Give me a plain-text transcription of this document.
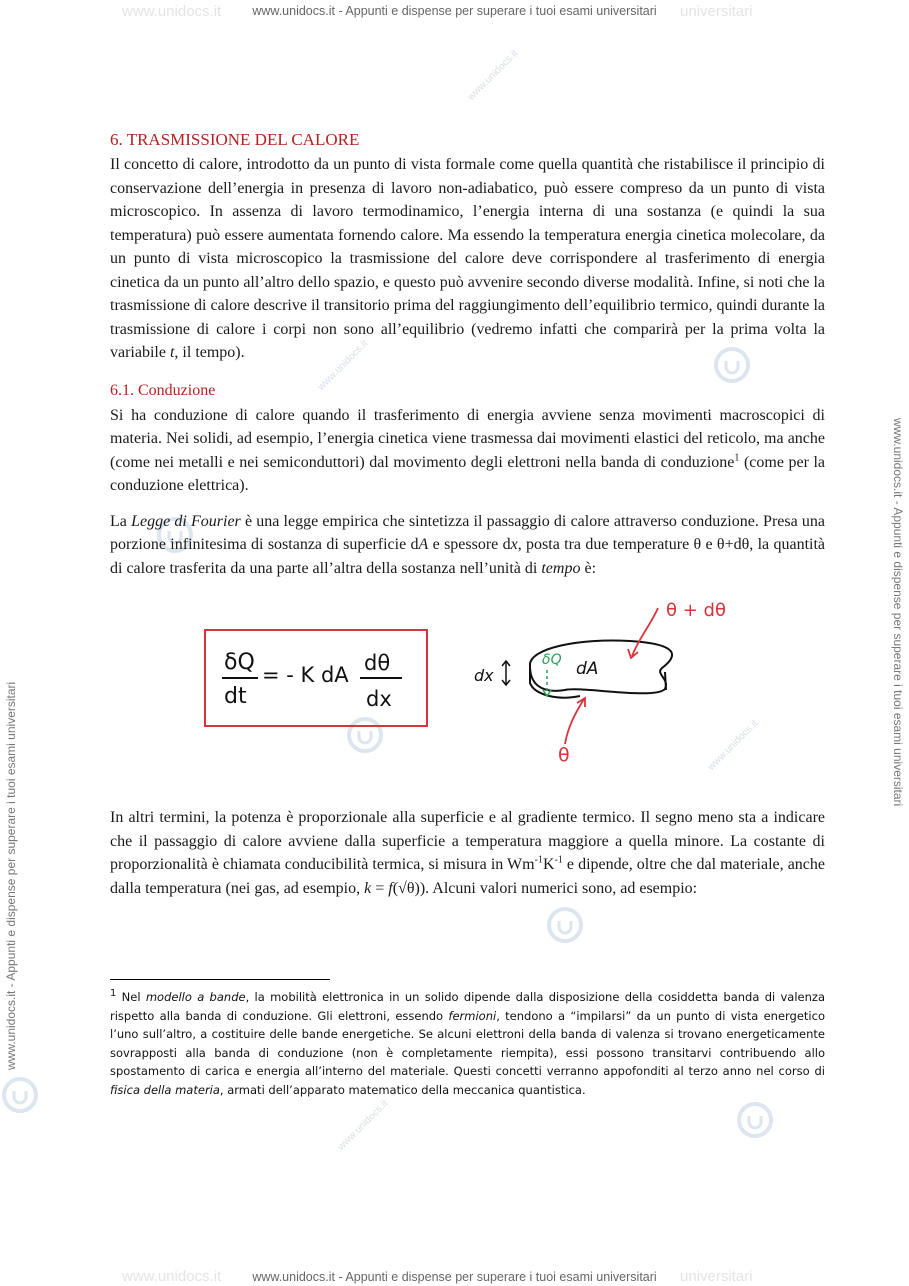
www.unidocs.it	universitari
www.unidocs.it - Appunti e dispense per superare i tuoi esami universitari
www.unidocs.it	universitari
www.unidocs.it - Appunti e dispense per superare i tuoi esami universitari
www.unidocs.it - Appunti e dispense per superare i tuoi esami universitari
www.unidocs.it - Appunti e dispense per superare i tuoi esami universitari
www.unidocs.it
www.unidocs.it
www.unidocs.it
www.unidocs.it
6. TRASMISSIONE DEL CALORE

Il concetto di calore, introdotto da un punto di vista formale come quella quantità che ristabilisce il principio di conservazione dell’energia in presenza di lavoro non-adiabatico, può essere compreso da un punto di vista microscopico. In assenza di lavoro termodinamico, l’energia interna di una sostanza (e quindi la sua temperatura) può essere aumentata fornendo calore. Ma essendo la temperatura energia cinetica molecolare, da un punto di vista microscopico la trasmissione del calore deve corrispondere al trasferimento di energia cinetica da un punto all’altro dello spazio, e questo può avvenire secondo diverse modalità. Infine, si noti che la trasmissione di calore descrive il transitorio prima del raggiungimento dell’equilibrio termico, quindi durante la trasmissione di calore i corpi non sono all’equilibrio (vedremo infatti che comparirà per la prima volta la variabile t, il tempo).

6.1. Conduzione

Si ha conduzione di calore quando il trasferimento di energia avviene senza movimenti macroscopici di materia. Nei solidi, ad esempio, l’energia cinetica viene trasmessa dai movimenti elastici del reticolo, ma anche (come nei metalli e nei semiconduttori) dal movimento degli elettroni nella banda di conduzione$^1$ (come per la conduzione elettrica).

La Legge di Fourier è una legge empirica che sintetizza il passaggio di calore attraverso conduzione. Presa una porzione infinitesima di sostanza di superficie dA e spessore dx, posta tra due temperature θ e θ+dθ, la quantità di calore trasferita da una parte all’altra della sostanza nell’unità di tempo è:

δQ
dt
= - K dA dθ
dx
dx
δQ dA
θ + dθ
θ

In altri termini, la potenza è proporzionale alla superficie e al gradiente termico. Il segno meno sta a indicare che il passaggio di calore avviene dalla superficie a temperatura maggiore a quella minore. La costante di proporzionalità è chiamata conducibilità termica, si misura in $Wm^{-1}K^{-1}$ e dipende, oltre che dal materiale, anche dalla temperatura (nei gas, ad esempio, k = f(√θ)). Alcuni valori numerici sono, ad esempio:

$^1$ Nel modello a bande, la mobilità elettronica in un solido dipende dalla disposizione della cosiddetta banda di valenza rispetto alla banda di conduzione. Gli elettroni, essendo fermioni, tendono a “impilarsi” da un punto di vista energetico l’uno sull’altro, a costituire delle bande energetiche. Se alcuni elettroni della banda di valenza si trovano energeticamente sovrapposti alla banda di conduzione (non è completamente riempita), essi possono transitarvi contribuendo allo spostamento di carica e energia all’interno del materiale. Questi concetti verranno appofonditi al terzo anno nel corso di fisica della materia, armati dell’apparato matematico della meccanica quantistica.
